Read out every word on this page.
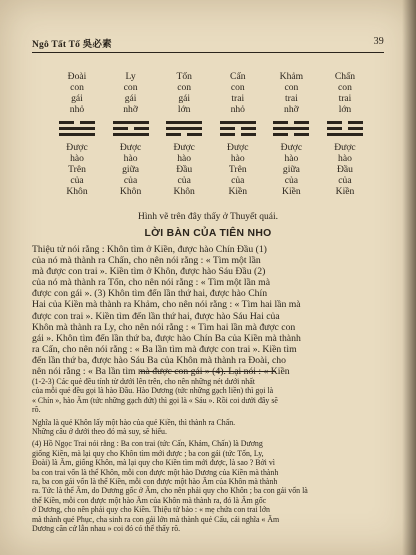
Ngô Tất Tố 吳必素	39
Đoài
con
gái
nhỏ
Được
hào
Trên
của
Khôn
Ly
con
gái
nhỡ
Được
hào
giữa
của
Khôn
Tốn
con
gái
lớn
Được
hào
Đầu
của
Khôn
Cấn
con
trai
nhỏ
Được
hào
Trên
của
Kiền
Khảm
con
trai
nhỡ
Được
hào
giữa
của
Kiền
Chấn
con
trai
lớn
Được
hào
Đầu
của
Kiền
Hình vẽ trên đây thấy ở Thuyết quái.
LỜI BÀN CỦA TIÊN NHO
Thiệu tử nói rằng : Khôn tìm ở Kiền, được hào Chín Đầu (1)
của nó mà thành ra Chấn, cho nên nói rằng : « Tìm một lần
mà được con trai ». Kiền tìm ở Khôn, được hào Sáu Đầu (2)
của nó mà thành ra Tốn, cho nên nói rằng : « Tìm một lần mà
được con gái ». (3) Khôn tìm đến lần thứ hai, được hào Chín
Hai của Kiền mà thành ra Khảm, cho nên nói rằng : « Tìm hai lần mà
được con trai ». Kiền tìm đến lần thứ hai, được hào Sáu Hai của
Khôn mà thành ra Ly, cho nên nói rằng : « Tìm hai lần mà được con
gái ». Khôn tìm đến lần thứ ba, được hào Chín Ba của Kiền mà thành
ra Cấn, cho nên nói rằng : « Ba lần tìm mà được con trai ». Kiền tìm
đến lần thứ ba, được hào Sáu Ba của Khôn mà thành ra Đoài, cho
nên nói rằng : « Ba lần tìm mà được con gái » (4). Lại nói : « Kiền
(1-2-3) Các quẻ đều tính từ dưới lên trên, cho nên những nét dưới nhất
của mỗi quẻ đều gọi là hào Đầu. Hào Dương (tức những gạch liền) thì gọi là
« Chín », hào Âm (tức những gạch đứt) thì gọi là « Sáu ». Rồi coi dưới đây sẽ
rõ.
Nghĩa là quẻ Khôn lấy một hào của quẻ Kiền, thì thành ra Chấn.
Những câu ở dưới theo đó mà suy, sẽ hiểu.
(4) Hồ Ngọc Trai nói rằng : Ba con trai (tức Cấn, Khảm, Chấn) là Dương
giống Kiền, mà lại quy cho Khôn tìm mới được ; ba con gái (tức Tốn, Ly,
Đoài) là Âm, giống Khôn, mà lại quy cho Kiền tìm mới được, là sao ? Bởi vì
ba con trai vốn là thể Khôn, mỗi con được một hào Dương của Kiền mà thành
ra, ba con gái vốn là thể Kiền, mỗi con được một hào Âm của Khôn mà thành
ra. Tức là thể Âm, do Dương gốc ở Âm, cho nên phải quy cho Khôn ; ba con gái vốn là
thể Kiền, mỗi con được một hào Âm của Khôn mà thành ra, đó là Âm gốc
ở Dương, cho nên phải quy cho Kiền. Thiệu tử bảo : « mẹ chứa con trai lớn
mà thành quẻ Phục, cha sinh ra con gái lớn mà thành quẻ Cấu, cái nghĩa « Âm
Dương căn cứ lẫn nhau » coi đó có thể thấy rõ.
